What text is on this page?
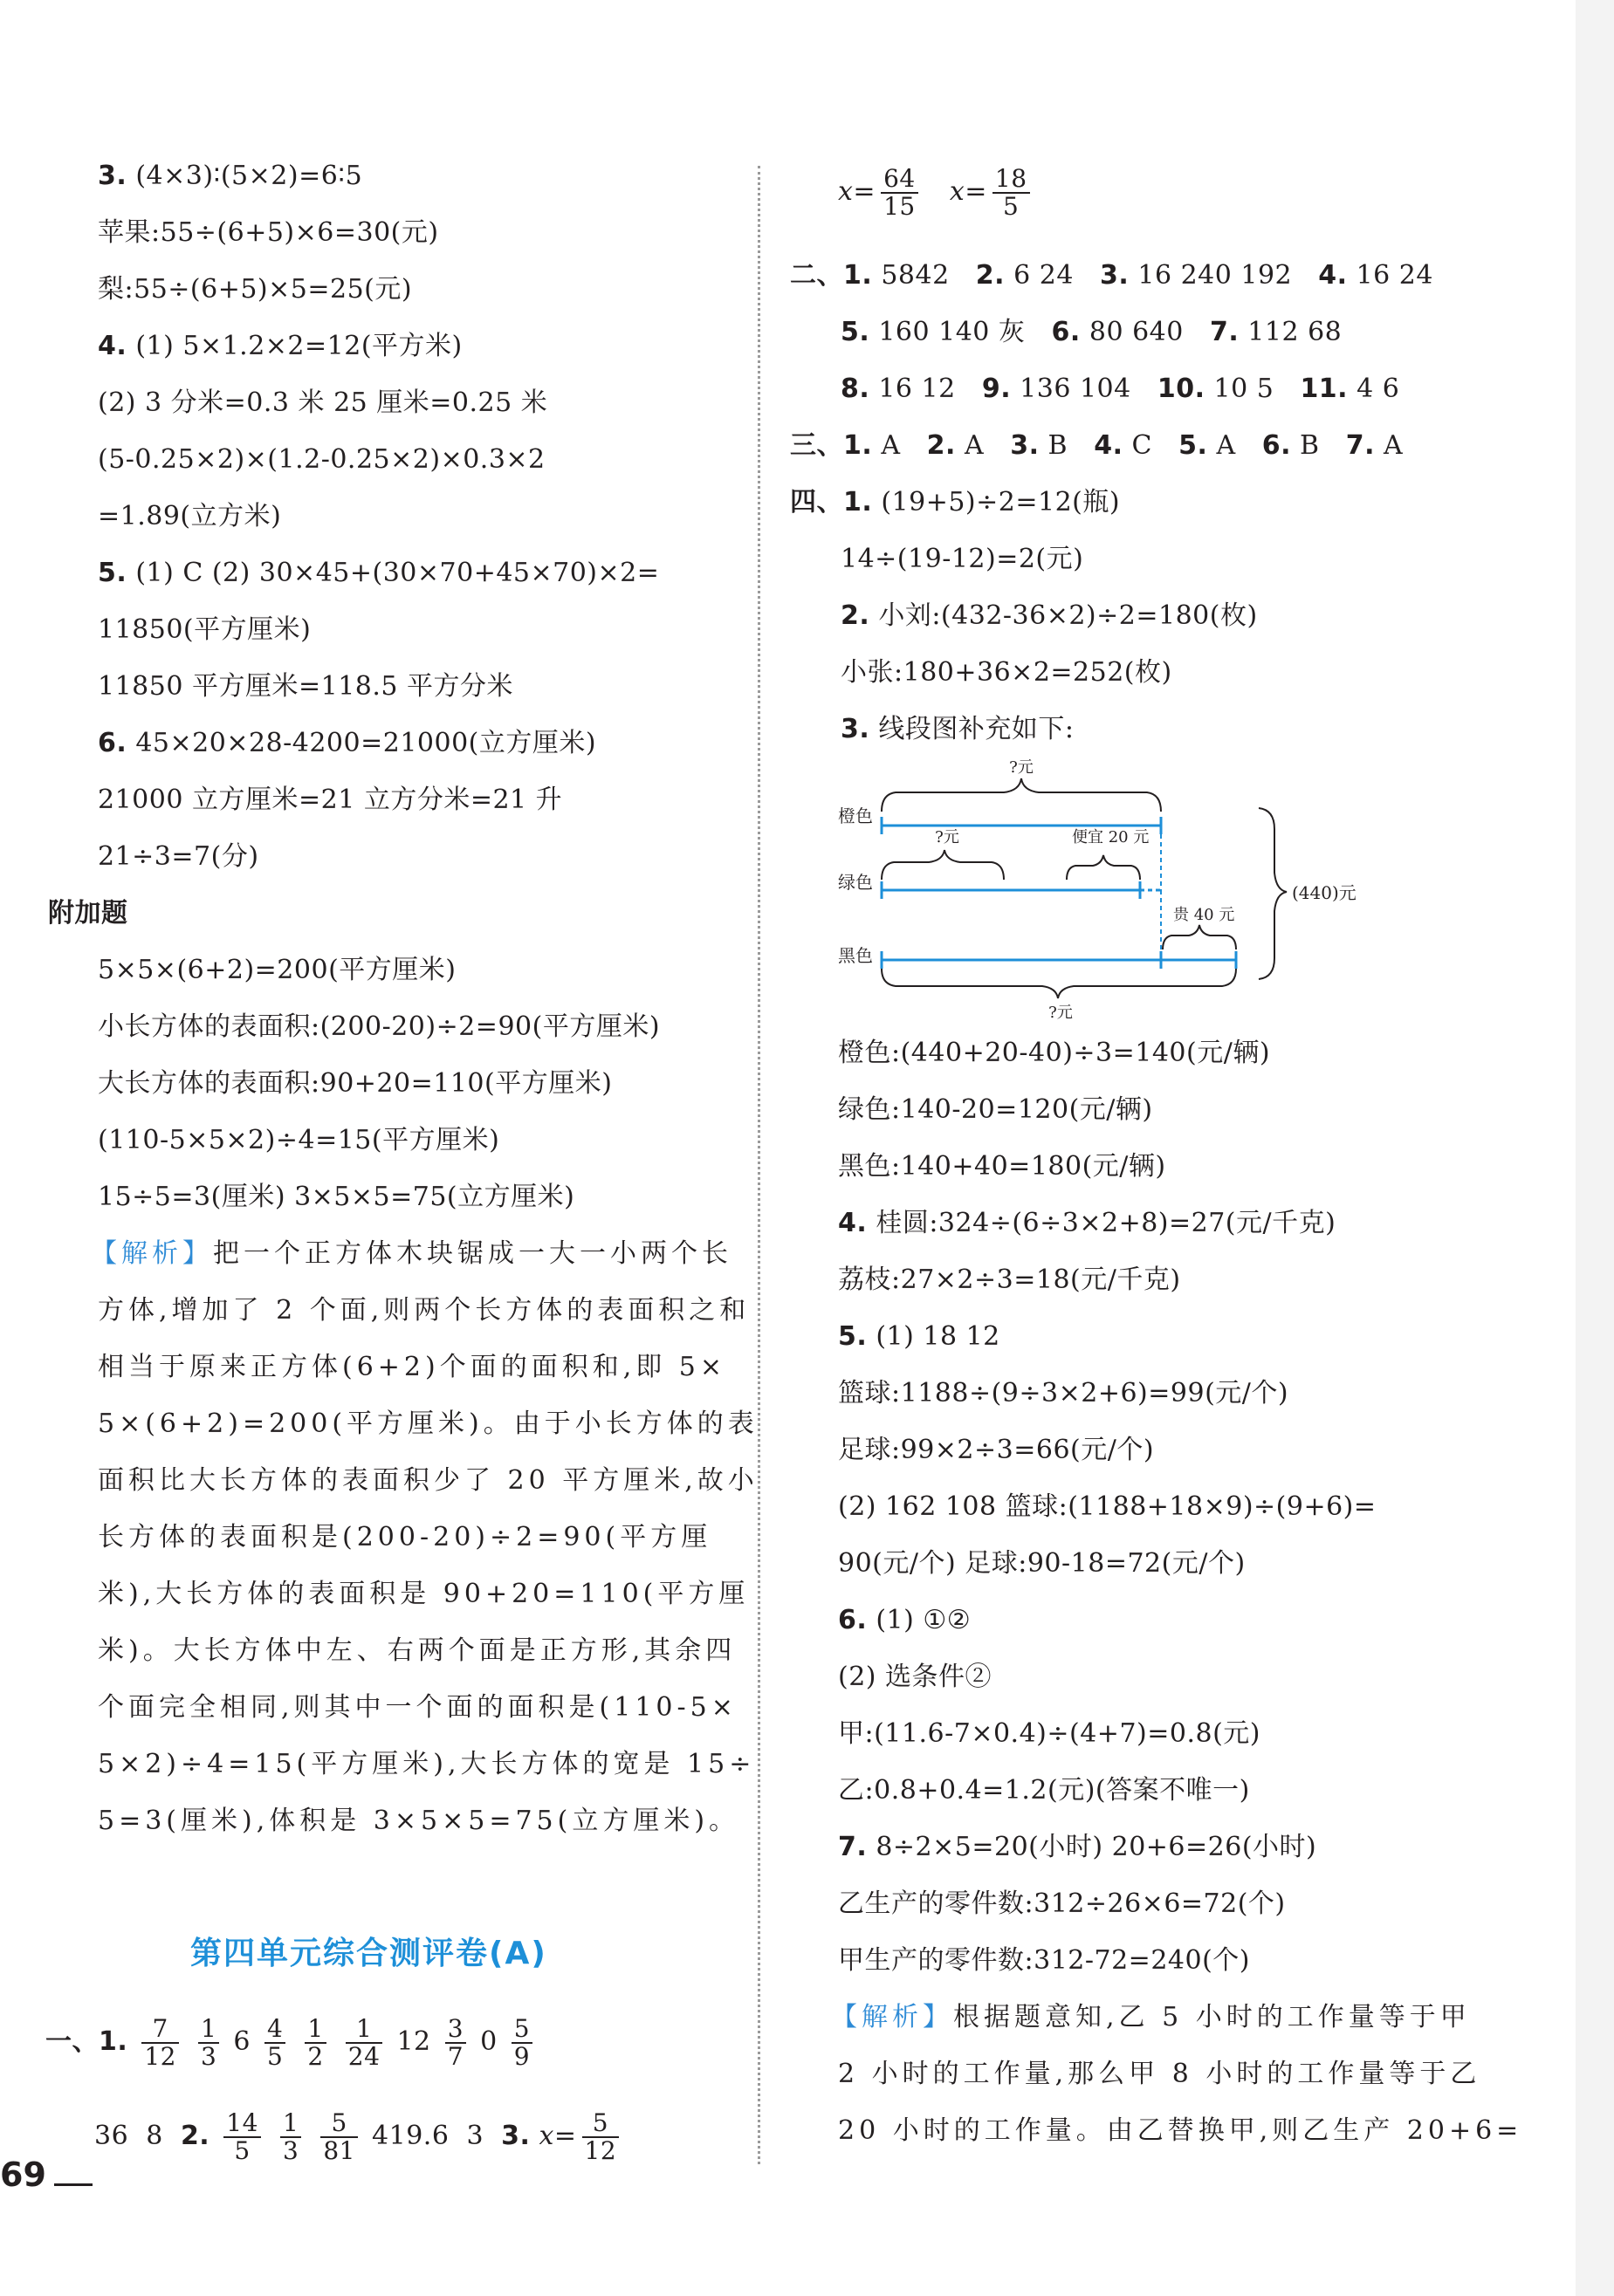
3. (4×3)∶(5×2)=6∶5
苹果:55÷(6+5)×6=30(元)
梨:55÷(6+5)×5=25(元)
4. (1) 5×1.2×2=12(平方米)
(2) 3 分米=0.3 米 25 厘米=0.25 米
(5-0.25×2)×(1.2-0.25×2)×0.3×2
=1.89(立方米)
5. (1) C (2) 30×45+(30×70+45×70)×2=
11850(平方厘米)
11850 平方厘米=118.5 平方分米
6. 45×20×28-4200=21000(立方厘米)
21000 立方厘米=21 立方分米=21 升
21÷3=7(分)
附加题
5×5×(6+2)=200(平方厘米)
小长方体的表面积:(200-20)÷2=90(平方厘米)
大长方体的表面积:90+20=110(平方厘米)
(110-5×5×2)÷4=15(平方厘米)
15÷5=3(厘米) 3×5×5=75(立方厘米)
【解析】把一个正方体木块锯成一大一小两个长
方体,增加了 2 个面,则两个长方体的表面积之和
相当于原来正方体(6+2)个面的面积和,即 5×
5×(6+2)=200(平方厘米)。由于小长方体的表
面积比大长方体的表面积少了 20 平方厘米,故小
长方体的表面积是(200-20)÷2=90(平方厘
米),大长方体的表面积是 90+20=110(平方厘
米)。大长方体中左、右两个面是正方形,其余四
个面完全相同,则其中一个面的面积是(110-5×
5×2)÷4=15(平方厘米),大长方体的宽是 15÷
5=3(厘米),体积是 3×5×5=75(立方厘米)。
第四单元综合测评卷(A)
一、1. $\frac{7}{12}$
$\frac{1}{3} 6 \frac{4}{5}$
$\frac{1}{2}$
$\frac{1}{24} 12 \frac{3}{7} 0 \frac{5}{9}$
36 8 2. $\frac{14}{5}$
$\frac{1}{3}$
$\frac{5}{81} 419.6$ 3 3. $x= \frac{5}{12}$
69
$x= \frac{64}{15} x= \frac{18}{5}$
二、1. 5842 2. 6 24 3. 16 240 192 4. 16 24
5. 160 140 灰 6. 80 640 7. 112 68
8. 16 12 9. 136 104 10. 10 5 11. 4 6
三、1. A 2. A 3. B 4. C 5. A 6. B 7. A
四、1. (19+5)÷2=12(瓶)
14÷(19-12)=2(元)
2. 小刘:(432-36×2)÷2=180(枚)
小张:180+36×2=252(枚)
3. 线段图补充如下:
橙色
?元
绿色
?元	便宜 20 元
黑色
贵 40 元
?元
(440)元
橙色:(440+20-40)÷3=140(元/辆)
绿色:140-20=120(元/辆)
黑色:140+40=180(元/辆)
4. 桂圆:324÷(6÷3×2+8)=27(元/千克)
荔枝:27×2÷3=18(元/千克)
5. (1) 18 12
篮球:1188÷(9÷3×2+6)=99(元/个)
足球:99×2÷3=66(元/个)
(2) 162 108 篮球:(1188+18×9)÷(9+6)=
90(元/个) 足球:90-18=72(元/个)
6. (1) ①②
(2) 选条件②
甲:(11.6-7×0.4)÷(4+7)=0.8(元)
乙:0.8+0.4=1.2(元)(答案不唯一)
7. 8÷2×5=20(小时) 20+6=26(小时)
乙生产的零件数:312÷26×6=72(个)
甲生产的零件数:312-72=240(个)
【解析】根据题意知,乙 5 小时的工作量等于甲
2 小时的工作量,那么甲 8 小时的工作量等于乙
20 小时的工作量。由乙替换甲,则乙生产 20+6=
